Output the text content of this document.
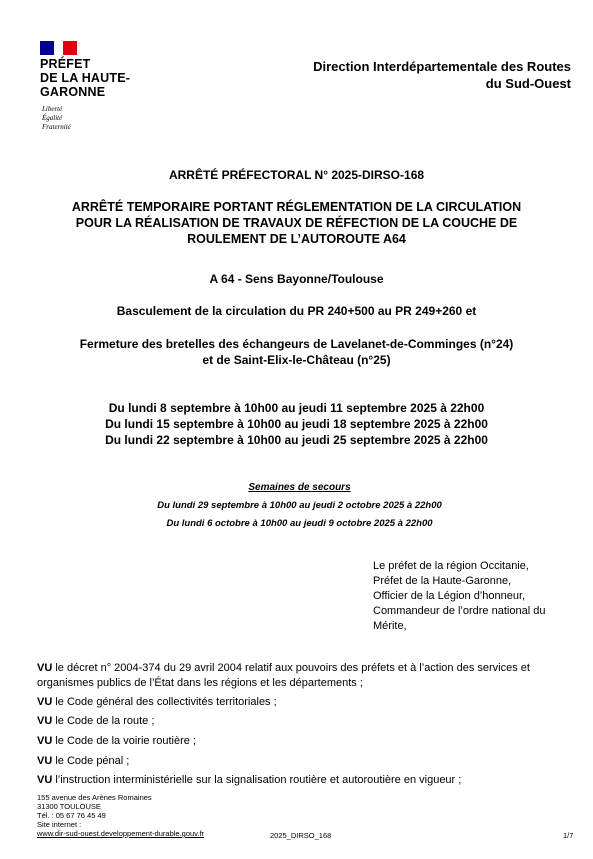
PRÉFET
DE LA HAUTE-
GARONNE
Liberté
Égalité
Fraternité
Direction Interdépartementale des Routes
du Sud-Ouest
ARRÊTÉ PRÉFECTORAL N° 2025-DIRSO-168
ARRÊTÉ TEMPORAIRE PORTANT RÉGLEMENTATION DE LA CIRCULATION
POUR LA RÉALISATION DE TRAVAUX DE RÉFECTION DE LA COUCHE DE
ROULEMENT DE L’AUTOROUTE A64
A 64 - Sens Bayonne/Toulouse
Basculement de la circulation du PR 240+500 au PR 249+260 et
Fermeture des bretelles des échangeurs de Lavelanet-de-Comminges (n°24)
et de Saint-Elix-le-Château (n°25)
Du lundi 8 septembre à 10h00 au jeudi 11 septembre 2025 à 22h00
Du lundi 15 septembre à 10h00 au jeudi 18 septembre 2025 à 22h00
Du lundi 22 septembre à 10h00 au jeudi 25 septembre 2025 à 22h00
Semaines de secours
Du lundi 29 septembre à 10h00 au jeudi 2 octobre 2025 à 22h00
Du lundi 6 octobre à 10h00 au jeudi 9 octobre 2025 à 22h00
Le préfet de la région Occitanie,
Préfet de la Haute-Garonne,
Officier de la Légion d’honneur,
Commandeur de l’ordre national du
Mérite,
VU le décret n° 2004-374 du 29 avril 2004 relatif aux pouvoirs des préfets et à l’action des services et organismes publics de l’État dans les régions et les départements ;
VU le Code général des collectivités territoriales ;
VU le Code de la route ;
VU le Code de la voirie routière ;
VU le Code pénal ;
VU l’instruction interministérielle sur la signalisation routière et autoroutière en vigueur ;
155 avenue des Arènes Romaines
31300 TOULOUSE
Tél. : 05 67 76 45 49
Site internet :
www.dir-sud-ouest.developpement-durable.gouv.fr	2025_DIRSO_168	1/7
